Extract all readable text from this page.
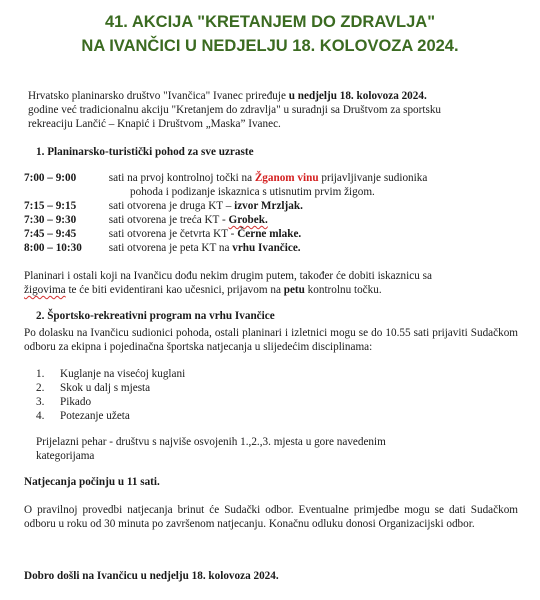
41. AKCIJA "KRETANJEM DO ZDRAVLJA"
NA IVANČICI U NEDJELJU 18. KOLOVOZA 2024.
Hrvatsko planinarsko društvo "Ivančica" Ivanec priređuje u nedjelju 18. kolovoza 2024.
godine već tradicionalnu akciju "Kretanjem do zdravlja" u suradnji sa Društvom za sportsku
rekreaciju Lančić – Knapić i Društvom „Maska” Ivanec.
1. Planinarsko-turistički pohod za sve uzraste
7:00 – 9:00	sati na prvoj kontrolnoj točki na Žganom vinu prijavljivanje sudionika
pohoda i podizanje iskaznica s utisnutim prvim žigom.
7:15 – 9:15	sati otvorena je druga KT – izvor Mrzljak.
7:30 – 9:30	sati otvorena je treća KT - Grobek.
7:45 – 9:45	sati otvorena je četvrta KT - Černe mlake.
8:00 – 10:30 sati otvorena je peta KT na vrhu Ivančice.
Planinari i ostali koji na Ivančicu dođu nekim drugim putem, također će dobiti iskaznicu sa
žigovima te će biti evidentirani kao učesnici, prijavom na petu kontrolnu točku.
2. Športsko-rekreativni program na vrhu Ivančice
Po dolasku na Ivančicu sudionici pohoda, ostali planinari i izletnici mogu se do 10.55 sati prijaviti Sudačkom odboru za ekipna i pojedinačna športska natjecanja u slijedećim disciplinama:
1. Kuglanje na visećoj kuglani
2. Skok u dalj s mjesta
3. Pikado
4. Potezanje užeta
Prijelazni pehar - društvu s najviše osvojenih 1.,2.,3. mjesta u gore navedenim
kategorijama
Natjecanja počinju u 11 sati.
O pravilnoj provedbi natjecanja brinut će Sudački odbor. Eventualne primjedbe mogu se dati Sudačkom odboru u roku od 30 minuta po završenom natjecanju. Konačnu odluku donosi Organizacijski odbor.
Dobro došli na Ivančicu u nedjelju 18. kolovoza 2024.
